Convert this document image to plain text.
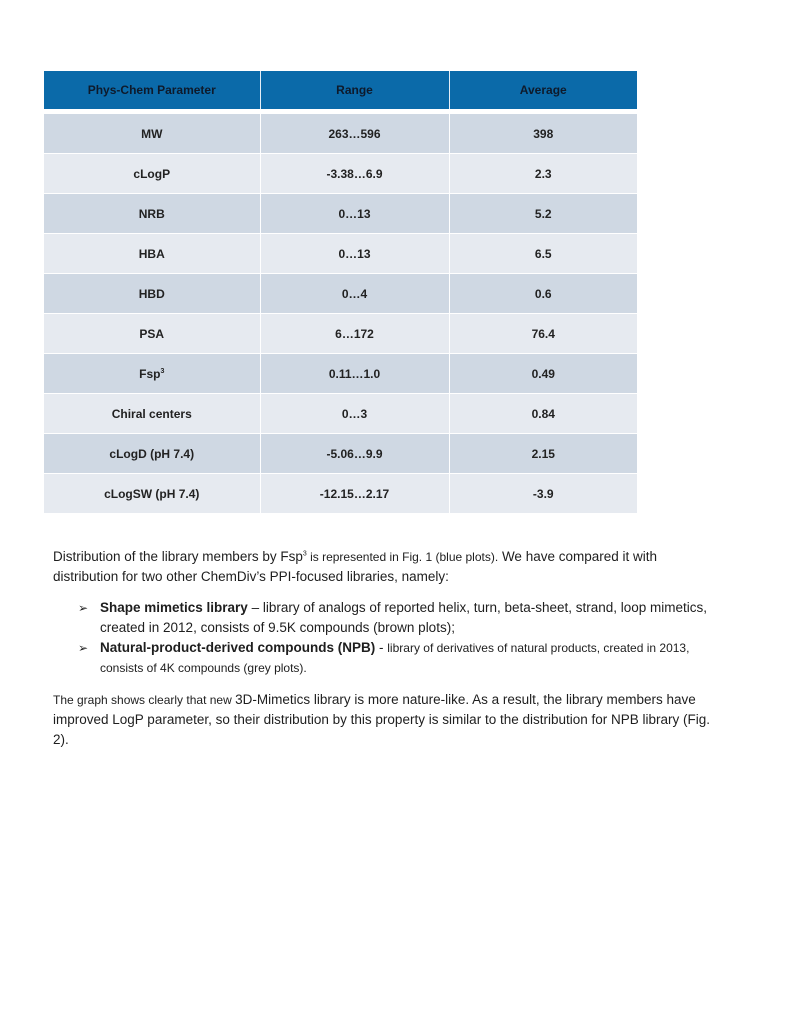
Phys-Chem Parameter	Range	Average

MW	263…596	398
cLogP	-3.38…6.9	2.3
NRB	0…13	5.2
HBA	0…13	6.5
HBD	0…4	0.6
PSA	6…172	76.4
Fsp$^3$	0.11…1.0	0.49
Chiral centers	0…3	0.84
cLogD (pH 7.4)	-5.06…9.9	2.15
cLogSW (pH 7.4)	-12.15…2.17	-3.9
Distribution of the library members by Fsp$^3$ is represented in Fig. 1 (blue plots). We have compared it with distribution for two other ChemDiv’s PPI-focused libraries, namely:
➢ Shape mimetics library – library of analogs of reported helix, turn, beta-sheet, strand, loop mimetics, created in 2012, consists of 9.5K compounds (brown plots);
➢ Natural-product-derived compounds (NPB) - library of derivatives of natural products, created in 2013, consists of 4K compounds (grey plots).
The graph shows clearly that new 3D-Mimetics library is more nature-like. As a result, the library members have improved LogP parameter, so their distribution by this property is similar to the distribution for NPB library (Fig. 2).
